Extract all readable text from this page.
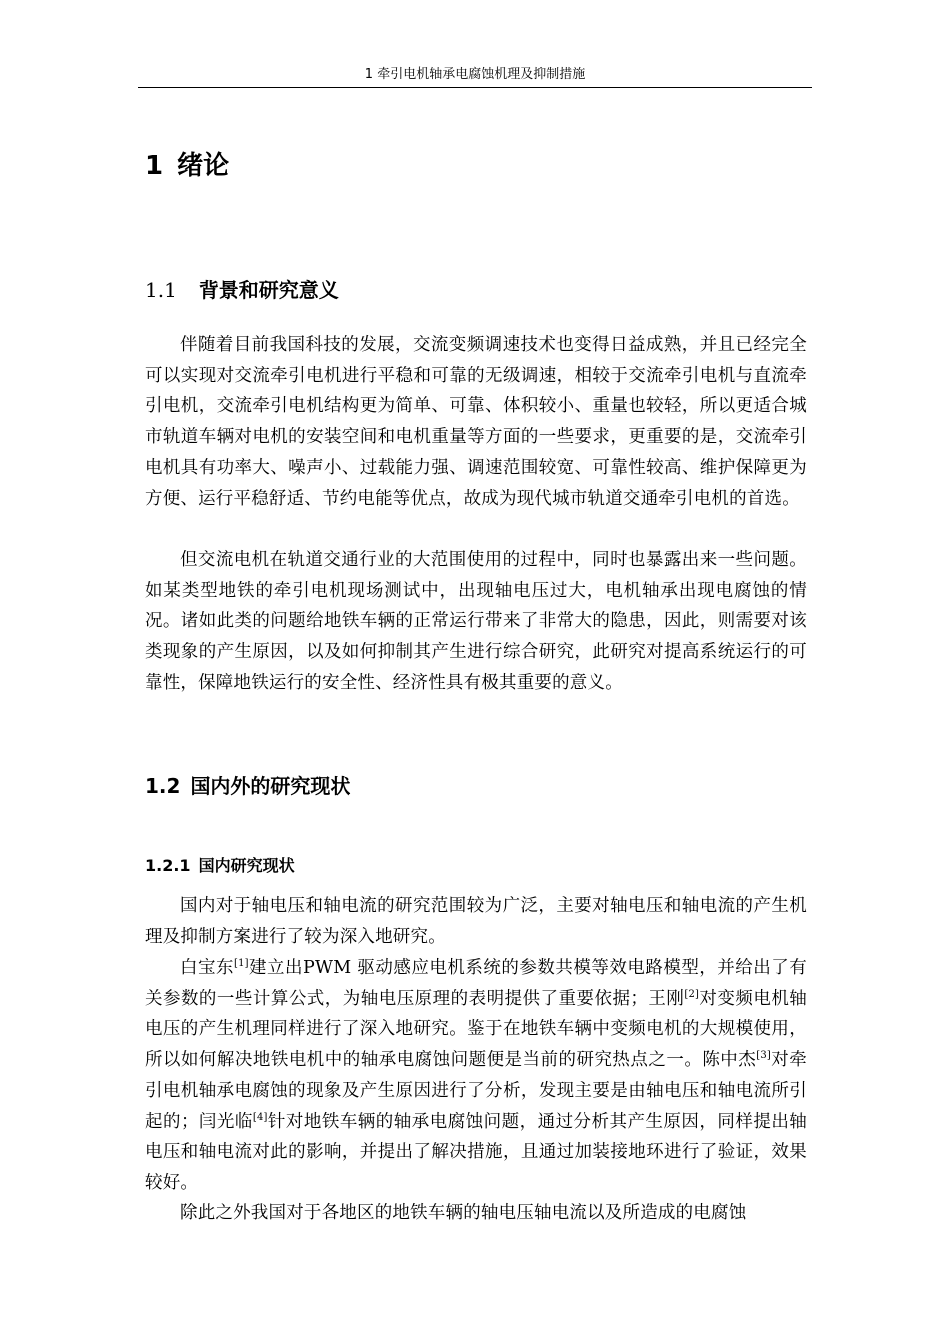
1 牵引电机轴承电腐蚀机理及抑制措施
1 绪论
1.1 背景和研究意义

伴随着目前我国科技的发展，交流变频调速技术也变得日益成熟，并且已经完全可以实现对交流牵引电机进行平稳和可靠的无级调速，相较于交流牵引电机与直流牵引电机，交流牵引电机结构更为简单、可靠、体积较小、重量也较轻，所以更适合城市轨道车辆对电机的安装空间和电机重量等方面的一些要求，更重要的是，交流牵引电机具有功率大、噪声小、过载能力强、调速范围较宽、可靠性较高、维护保障更为方便、运行平稳舒适、节约电能等优点，故成为现代城市轨道交通牵引电机的首选。

但交流电机在轨道交通行业的大范围使用的过程中，同时也暴露出来一些问题。如某类型地铁的牵引电机现场测试中，出现轴电压过大，电机轴承出现电腐蚀的情况。诸如此类的问题给地铁车辆的正常运行带来了非常大的隐患，因此，则需要对该类现象的产生原因，以及如何抑制其产生进行综合研究，此研究对提高系统运行的可靠性，保障地铁运行的安全性、经济性具有极其重要的意义。

1.2 国内外的研究现状
1.2.1 国内研究现状

国内对于轴电压和轴电流的研究范围较为广泛，主要对轴电压和轴电流的产生机理及抑制方案进行了较为深入地研究。

白宝东[1]建立出PWM 驱动感应电机系统的参数共模等效电路模型，并给出了有关参数的一些计算公式，为轴电压原理的表明提供了重要依据；王刚[2]对变频电机轴电压的产生机理同样进行了深入地研究。鉴于在地铁车辆中变频电机的大规模使用，所以如何解决地铁电机中的轴承电腐蚀问题便是当前的研究热点之一。陈中杰[3]对牵引电机轴承电腐蚀的现象及产生原因进行了分析，发现主要是由轴电压和轴电流所引起的；闫光临[4]针对地铁车辆的轴承电腐蚀问题，通过分析其产生原因，同样提出轴电压和轴电流对此的影响，并提出了解决措施，且通过加装接地环进行了验证，效果较好。

除此之外我国对于各地区的地铁车辆的轴电压轴电流以及所造成的电腐蚀
